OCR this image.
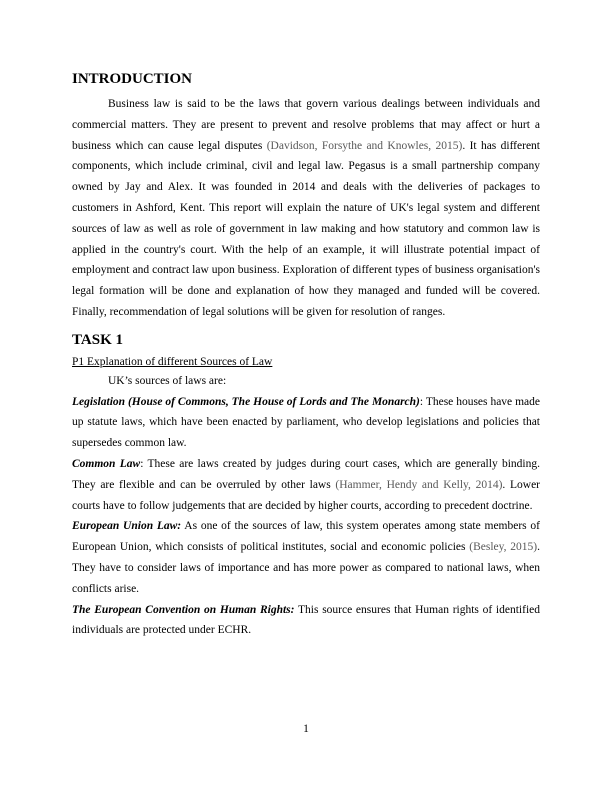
INTRODUCTION

Business law is said to be the laws that govern various dealings between individuals and commercial matters. They are present to prevent and resolve problems that may affect or hurt a business which can cause legal disputes (Davidson, Forsythe and Knowles, 2015). It has different components, which include criminal, civil and legal law. Pegasus is a small partnership company owned by Jay and Alex. It was founded in 2014 and deals with the deliveries of packages to customers in Ashford, Kent. This report will explain the nature of UK's legal system and different sources of law as well as role of government in law making and how statutory and common law is applied in the country's court. With the help of an example, it will illustrate potential impact of employment and contract law upon business. Exploration of different types of business organisation's legal formation will be done and explanation of how they managed and funded will be covered. Finally, recommendation of legal solutions will be given for resolution of ranges.

TASK 1

P1 Explanation of different Sources of Law

UK’s sources of laws are:

Legislation (House of Commons, The House of Lords and The Monarch): These houses have made up statute laws, which have been enacted by parliament, who develop legislations and policies that supersedes common law.

Common Law: These are laws created by judges during court cases, which are generally binding. They are flexible and can be overruled by other laws (Hammer, Hendy and Kelly, 2014). Lower courts have to follow judgements that are decided by higher courts, according to precedent doctrine.

European Union Law: As one of the sources of law, this system operates among state members of European Union, which consists of political institutes, social and economic policies (Besley, 2015). They have to consider laws of importance and has more power as compared to national laws, when conflicts arise.

The European Convention on Human Rights: This source ensures that Human rights of identified individuals are protected under ECHR.

1
